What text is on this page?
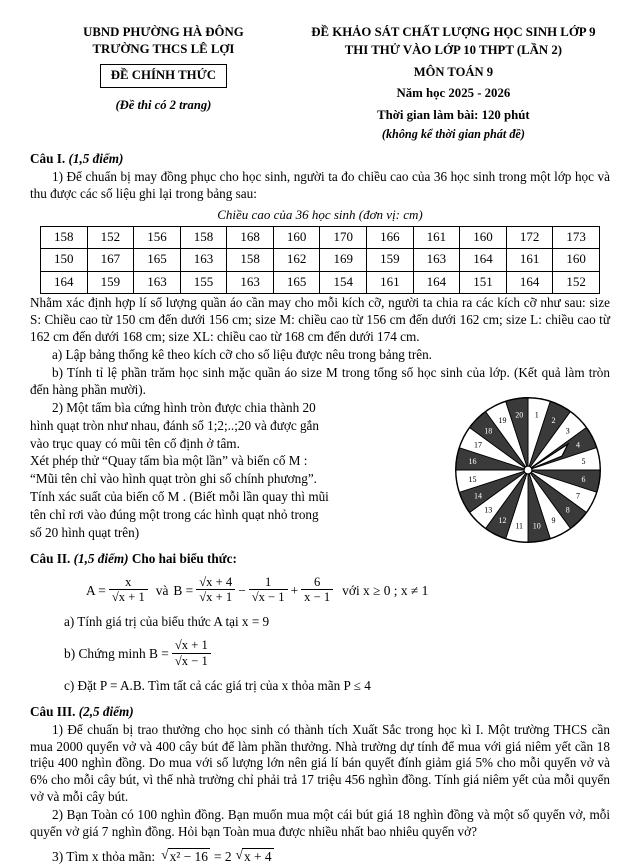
UBND PHƯỜNG HÀ ĐÔNG
TRƯỜNG THCS LÊ LỢI
ĐỀ CHÍNH THỨC
(Đề thi có 2 trang)
ĐỀ KHẢO SÁT CHẤT LƯỢNG HỌC SINH LỚP 9
THI THỬ VÀO LỚP 10 THPT (LẦN 2)
MÔN TOÁN 9
Năm học 2025 - 2026
Thời gian làm bài: 120 phút
(không kể thời gian phát đề)
Câu I. (1,5 điểm)
1) Để chuẩn bị may đồng phục cho học sinh, người ta đo chiều cao của 36 học sinh trong một lớp học và thu được các số liệu ghi lại trong bảng sau:
Chiều cao của 36 học sinh (đơn vị: cm)
158	152	156	158	168	160	170	166	161	160	172	173
150	167	165	163	158	162	169	159	163	164	161	160
164	159	163	155	163	165	154	161	164	151	164	152
Nhằm xác định hợp lí số lượng quần áo cần may cho mỗi kích cỡ, người ta chia ra các kích cỡ như sau: size S: Chiều cao từ 150 cm đến dưới 156 cm; size M: chiều cao từ 156 cm đến dưới 162 cm; size L: chiều cao từ 162 cm đến dưới 168 cm; size XL: chiều cao từ 168 cm đến dưới 174 cm.
a) Lập bảng thống kê theo kích cỡ cho số liệu được nêu trong bảng trên.
b) Tính tỉ lệ phần trăm học sinh mặc quần áo size M trong tổng số học sinh của lớp. (Kết quả làm tròn đến hàng phần mười).
1
2
3
4
5
6
7
8
9
10
11
12
13
14
15
16
17
18
19
20
2) Một tấm bìa cứng hình tròn được chia thành 20
hình quạt tròn như nhau, đánh số 1;2;..;20 và được gắn
vào trục quay có mũi tên cố định ở tâm.
Xét phép thử “Quay tấm bìa một lần” và biến cố M :
“Mũi tên chỉ vào hình quạt tròn ghi số chính phương”.
Tính xác suất của biến cố M . (Biết mỗi lần quay thì mũi
tên chỉ rơi vào đúng một trong các hình quạt nhỏ trong
số 20 hình quạt trên)
Câu II. (1,5 điểm) Cho hai biểu thức:
$A = \frac{x}{√x + 1}$ và $B = \frac{√x + 4}{√x + 1} - \frac{1}{√x - 1} + \frac{6}{x - 1}$ với x ≥ 0 ; x ≠ 1
a) Tính giá trị của biểu thức A tại x = 9
b) Chứng minh $B = \frac{√x + 1}{√x - 1}$
c) Đặt P = A.B. Tìm tất cả các giá trị của x thỏa mãn P ≤ 4
Câu III. (2,5 điểm)
1) Để chuẩn bị trao thưởng cho học sinh có thành tích Xuất Sắc trong học kì I. Một trường THCS cần mua 2000 quyển vở và 400 cây bút để làm phần thưởng. Nhà trường dự tính để mua với giá niêm yết cần 18 triệu 400 nghìn đồng. Do mua với số lượng lớn nên giá lí bán quyết đính giảm giá 5% cho mỗi quyển vở và 6% cho mỗi cây bút, vì thế nhà trường chỉ phải trả 17 triệu 456 nghìn đồng. Tính giá niêm yết của mỗi quyển vở và mỗi cây bút.
2) Bạn Toàn có 100 nghìn đồng. Bạn muốn mua một cái bút giá 18 nghìn đồng và một số quyển vở, mỗi quyển vở giá 7 nghìn đồng. Hỏi bạn Toàn mua được nhiều nhất bao nhiêu quyển vở?
3) Tìm x thỏa mãn: √ x² − 16 = 2 √ x + 4
